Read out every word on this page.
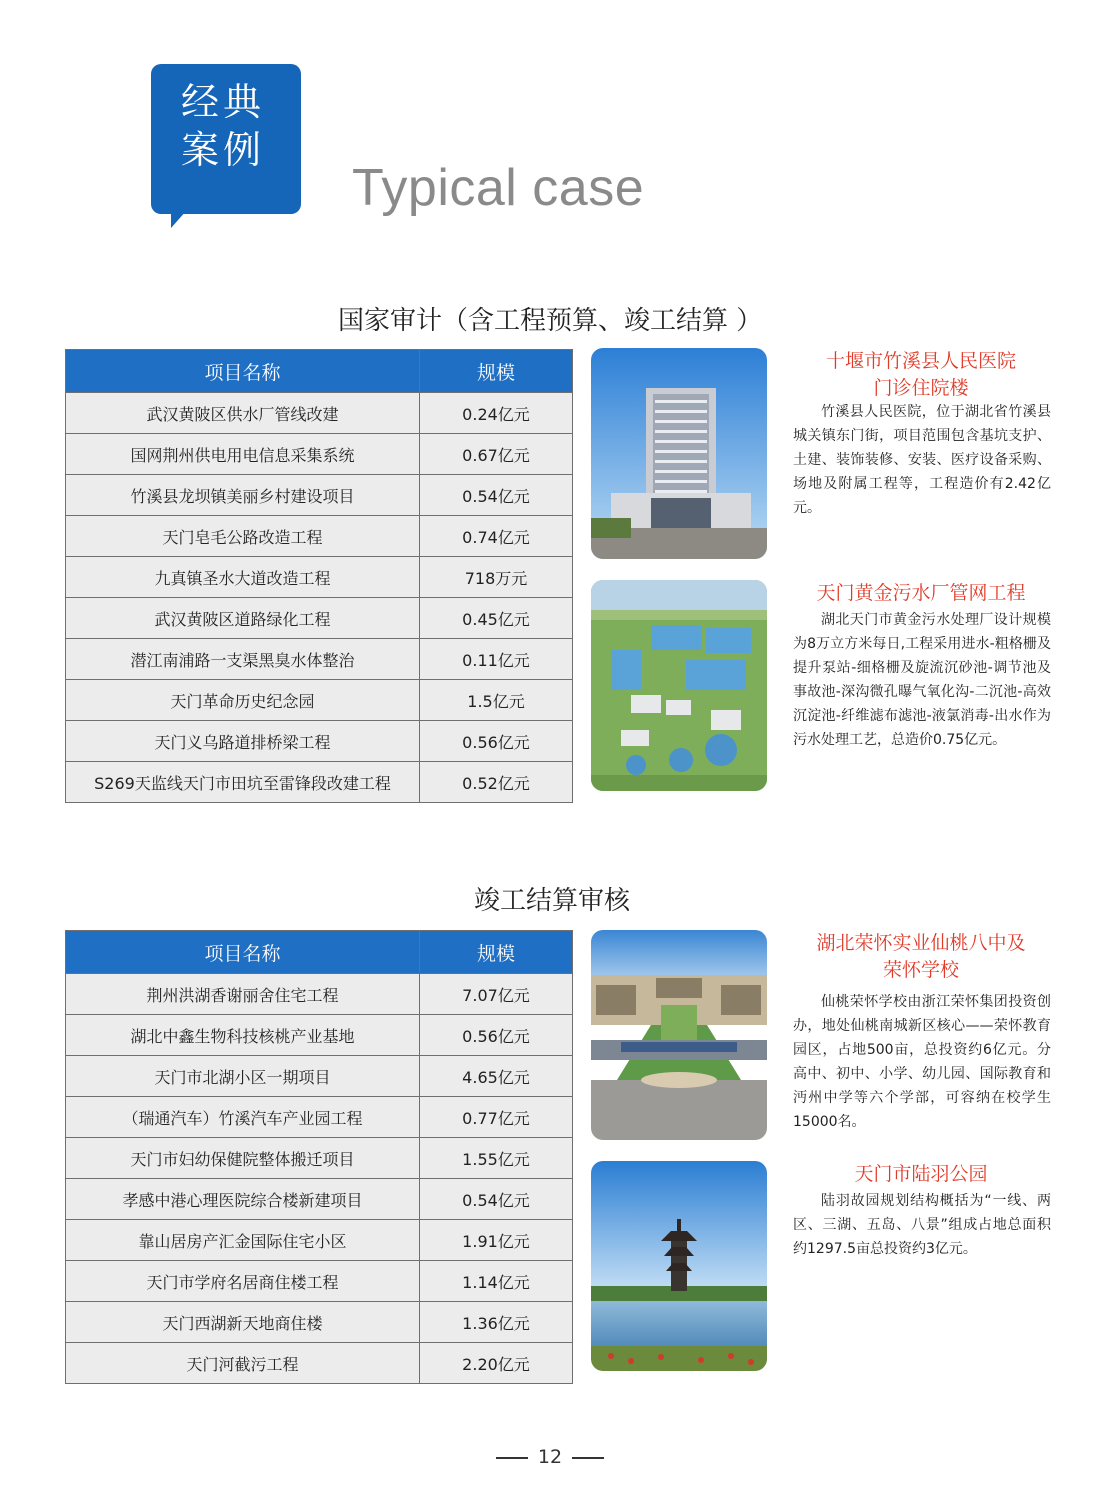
经典
案例
Typical case
国家审计（含工程预算、竣工结算 ）
项目名称	规模
武汉黄陂区供水厂管线改建	0.24亿元
国网荆州供电用电信息采集系统	0.67亿元
竹溪县龙坝镇美丽乡村建设项目	0.54亿元
天门皂毛公路改造工程	0.74亿元
九真镇圣水大道改造工程	718万元
武汉黄陂区道路绿化工程	0.45亿元
潜江南浦路一支渠黑臭水体整治	0.11亿元
天门革命历史纪念园	1.5亿元
天门义乌路道排桥梁工程	0.56亿元
S269天监线天门市田坑至雷锋段改建工程	0.52亿元
十堰市竹溪县人民医院
门诊住院楼
竹溪县人民医院，位于湖北省竹溪县城关镇东门街，项目范围包含基坑支护、土建、装饰装修、安装、医疗设备采购、场地及附属工程等，工程造价有2.42亿元。
天门黄金污水厂管网工程
湖北天门市黄金污水处理厂设计规模为8万立方米每日,工程采用进水-粗格栅及提升泵站-细格栅及旋流沉砂池-调节池及事故池-深沟微孔曝气氧化沟-二沉池-高效沉淀池-纤维滤布滤池-液氯消毒-出水作为污水处理工艺，总造价0.75亿元。
竣工结算审核
项目名称	规模
荆州洪湖香谢丽舍住宅工程	7.07亿元
湖北中鑫生物科技核桃产业基地	0.56亿元
天门市北湖小区一期项目	4.65亿元
（瑞通汽车）竹溪汽车产业园工程	0.77亿元
天门市妇幼保健院整体搬迁项目	1.55亿元
孝感中港心理医院综合楼新建项目	0.54亿元
靠山居房产汇金国际住宅小区	1.91亿元
天门市学府名居商住楼工程	1.14亿元
天门西湖新天地商住楼	1.36亿元
天门河截污工程	2.20亿元
湖北荣怀实业仙桃八中及
荣怀学校
仙桃荣怀学校由浙江荣怀集团投资创办，地处仙桃南城新区核心——荣怀教育园区，占地500亩，总投资约6亿元。分高中、初中、小学、幼儿园、国际教育和沔州中学等六个学部，可容纳在校学生15000名。
天门市陆羽公园
陆羽故园规划结构概括为“一线、两区、三湖、五岛、八景”组成占地总面积约1297.5亩总投资约3亿元。
12
